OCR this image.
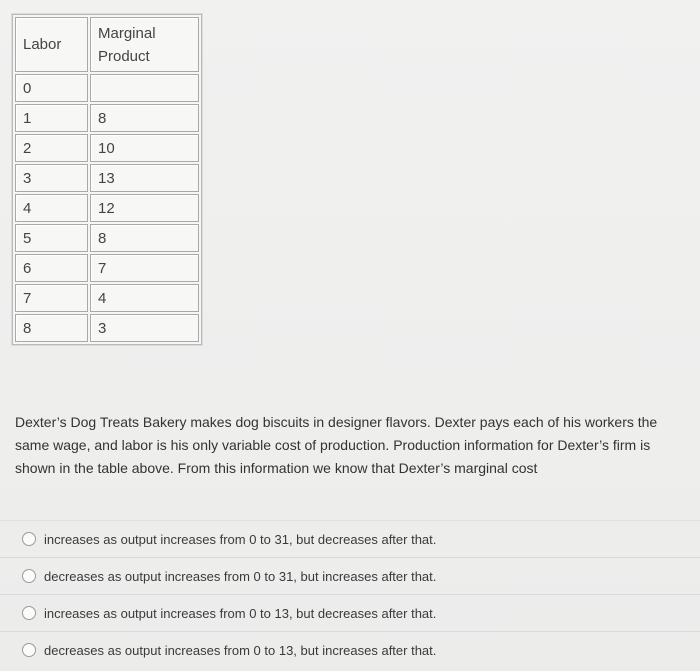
Labor	Marginal
Product
0	
1	8
2	10
3	13
4	12
5	8
6	7
7	4
8	3
Dexter’s Dog Treats Bakery makes dog biscuits in designer flavors. Dexter pays each of his workers the same wage, and labor is his only variable cost of production. Production information for Dexter’s firm is shown in the table above. From this information we know that Dexter’s marginal cost
increases as output increases from 0 to 31, but decreases after that.
decreases as output increases from 0 to 31, but increases after that.
increases as output increases from 0 to 13, but decreases after that.
decreases as output increases from 0 to 13, but increases after that.
